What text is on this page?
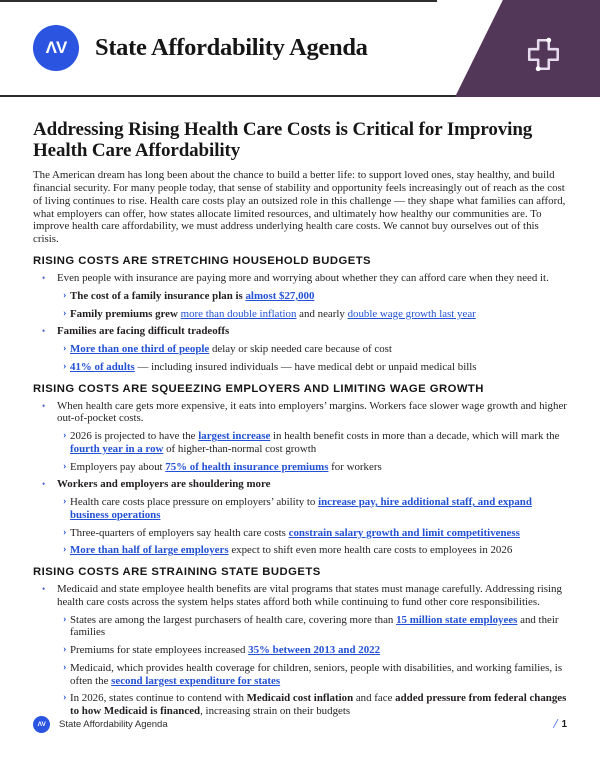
ΛV State Affordability Agenda
Addressing Rising Health Care Costs is Critical for Improving Health Care Affordability

The American dream has long been about the chance to build a better life: to support loved ones, stay healthy, and build financial security. For many people today, that sense of stability and opportunity feels increasingly out of reach as the cost of living continues to rise. Health care costs play an outsized role in this challenge — they shape what families can afford, what employers can offer, how states allocate limited resources, and ultimately how healthy our communities are. To improve health care affordability, we must address underlying health care costs. We cannot buy ourselves out of this crisis.

RISING COSTS ARE STRETCHING HOUSEHOLD BUDGETS
• Even people with insurance are paying more and worrying about whether they can afford care when they need it.
› The cost of a family insurance plan is almost $27,000
› Family premiums grew more than double inflation and nearly double wage growth last year
• Families are facing difficult tradeoffs
› More than one third of people delay or skip needed care because of cost
› 41% of adults — including insured individuals — have medical debt or unpaid medical bills
RISING COSTS ARE SQUEEZING EMPLOYERS AND LIMITING WAGE GROWTH
• When health care gets more expensive, it eats into employers’ margins. Workers face slower wage growth and higher out-of-pocket costs.
› 2026 is projected to have the largest increase in health benefit costs in more than a decade, which will mark the fourth year in a row of higher-than-normal cost growth
› Employers pay about 75% of health insurance premiums for workers
• Workers and employers are shouldering more
› Health care costs place pressure on employers’ ability to increase pay, hire additional staff, and expand business operations
› Three-quarters of employers say health care costs constrain salary growth and limit competitiveness
› More than half of large employers expect to shift even more health care costs to employees in 2026
RISING COSTS ARE STRAINING STATE BUDGETS
• Medicaid and state employee health benefits are vital programs that states must manage carefully. Addressing rising health care costs across the system helps states afford both while continuing to fund other core responsibilities.
› States are among the largest purchasers of health care, covering more than 15 million state employees and their families
› Premiums for state employees increased 35% between 2013 and 2022
› Medicaid, which provides health coverage for children, seniors, people with disabilities, and working families, is often the second largest expenditure for states
› In 2026, states continue to contend with Medicaid cost inflation and face added pressure from federal changes to how Medicaid is financed, increasing strain on their budgets
ΛV State Affordability Agenda	/ 1
